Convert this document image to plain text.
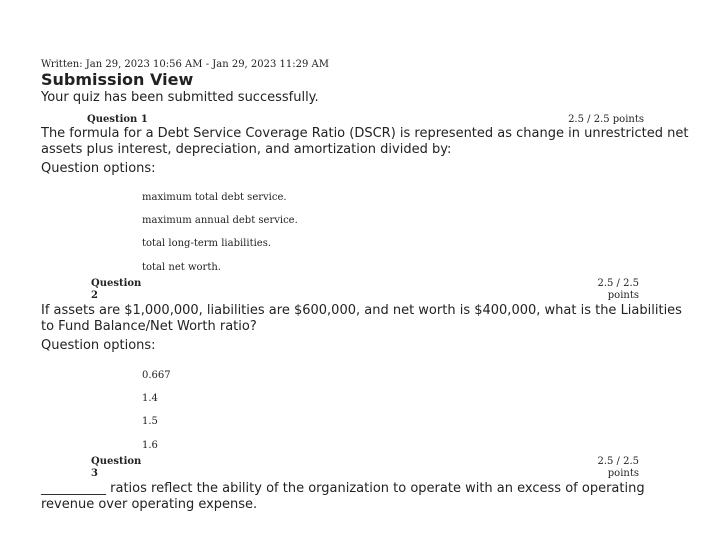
Written: Jan 29, 2023 10:56 AM - Jan 29, 2023 11:29 AM
Submission View
Your quiz has been submitted successfully.
Question 1	2.5 / 2.5 points
The formula for a Debt Service Coverage Ratio (DSCR) is represented as change in unrestricted net assets plus interest, depreciation, and amortization divided by:
Question options:
maximum total debt service.
maximum annual debt service.
total long-term liabilities.
total net worth.
Question
2
2.5 / 2.5
points
If assets are $1,000,000, liabilities are $600,000, and net worth is $400,000, what is the Liabilities to Fund Balance/Net Worth ratio?
Question options:
0.667
1.4
1.5
1.6
Question
3
2.5 / 2.5
points
__________ ratios reflect the ability of the organization to operate with an excess of operating revenue over operating expense.
